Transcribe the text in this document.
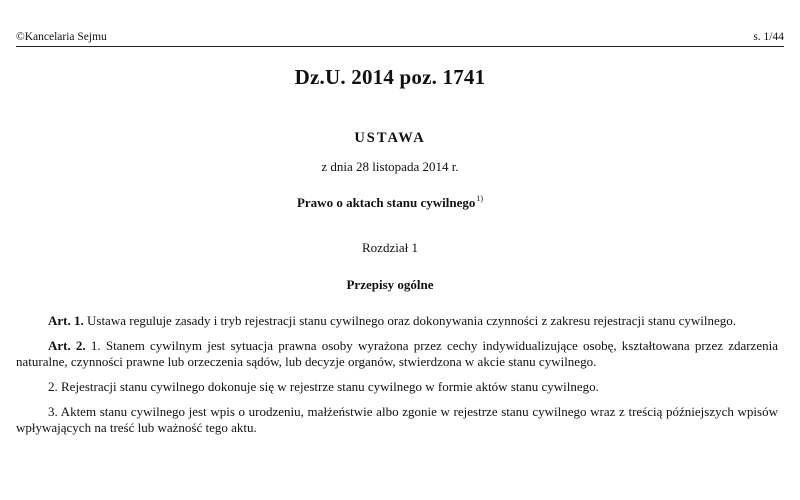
©Kancelaria Sejmu	s. 1/44
Dz.U. 2014 poz. 1741
USTAWA
z dnia 28 listopada 2014 r.
Prawo o aktach stanu cywilnego$^{1)}$
Rozdział 1
Przepisy ogólne

Art. 1. Ustawa reguluje zasady i tryb rejestracji stanu cywilnego oraz dokonywania czynności z zakresu rejestracji stanu cywilnego.

Art. 2. 1. Stanem cywilnym jest sytuacja prawna osoby wyrażona przez cechy indywidualizujące osobę, kształtowana przez zdarzenia naturalne, czynności prawne lub orzeczenia sądów, lub decyzje organów, stwierdzona w akcie stanu cywilnego.

2. Rejestracji stanu cywilnego dokonuje się w rejestrze stanu cywilnego w formie aktów stanu cywilnego.

3. Aktem stanu cywilnego jest wpis o urodzeniu, małżeństwie albo zgonie w rejestrze stanu cywilnego wraz z treścią późniejszych wpisów wpływających na treść lub ważność tego aktu.
